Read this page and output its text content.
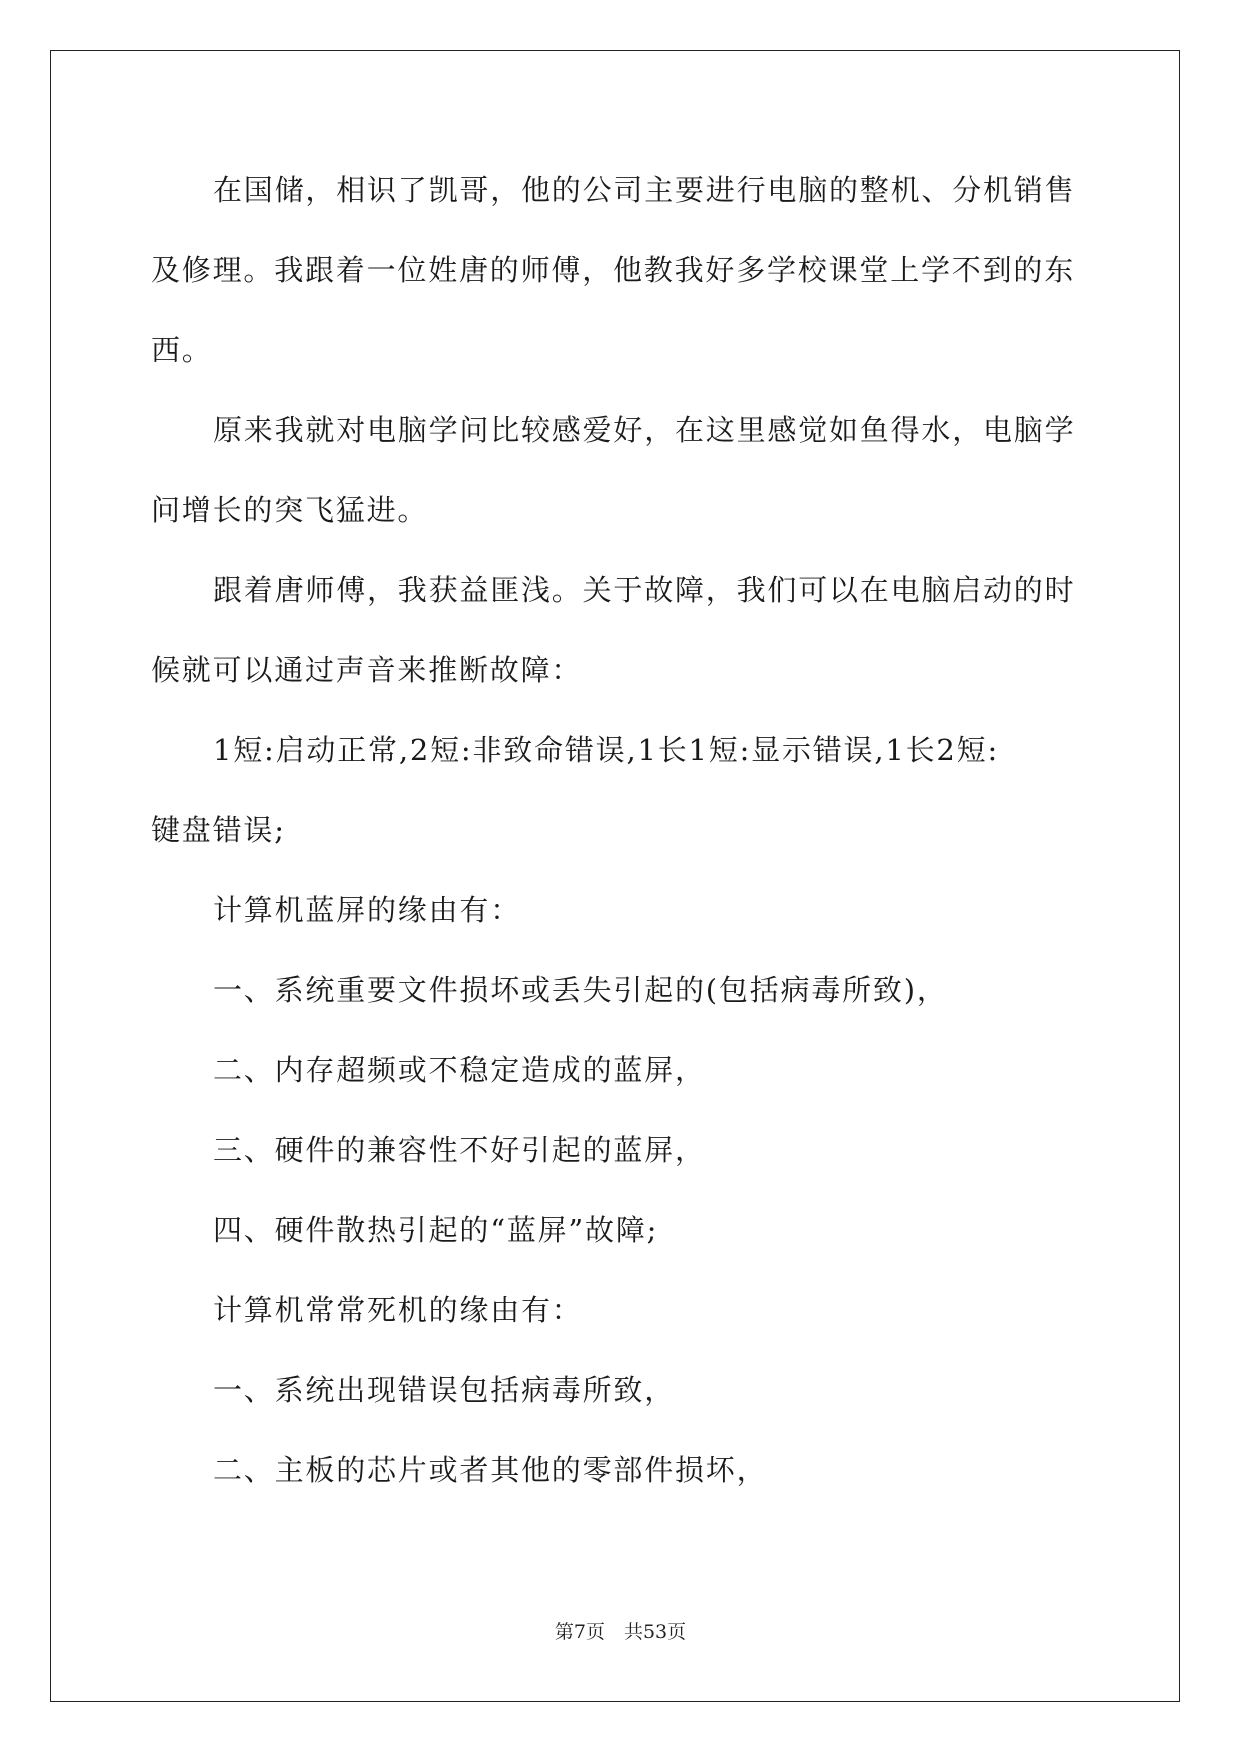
在国储，相识了凯哥，他的公司主要进行电脑的整机、分机销售
及修理。我跟着一位姓唐的师傅，他教我好多学校课堂上学不到的东
西。
原来我就对电脑学问比较感爱好，在这里感觉如鱼得水，电脑学
问增长的突飞猛进。
跟着唐师傅，我获益匪浅。关于故障，我们可以在电脑启动的时
候就可以通过声音来推断故障：
1短:启动正常,2短:非致命错误,1长1短:显示错误,1长2短:
键盘错误;
计算机蓝屏的缘由有：
一、系统重要文件损坏或丢失引起的(包括病毒所致)，
二、内存超频或不稳定造成的蓝屏，
三、硬件的兼容性不好引起的蓝屏，
四、硬件散热引起的“蓝屏”故障;
计算机常常死机的缘由有：
一、系统出现错误包括病毒所致，
二、主板的芯片或者其他的零部件损坏，
第7页　共53页
